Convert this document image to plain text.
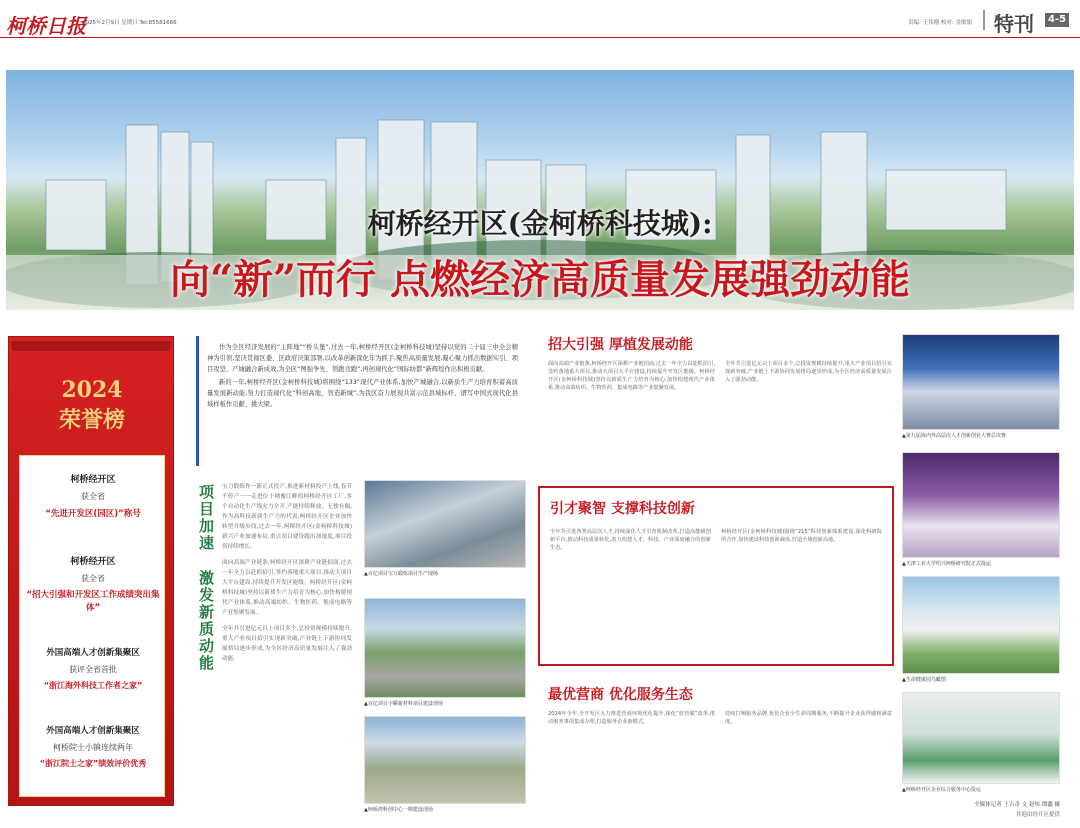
柯桥日报
2025年2月9日 星期日 Tel:85581666	责编: 王伟刚 校对: 金敏娟 特刊	4-5
柯桥经开区(金柯桥科技城):
向“新”而行 点燃经济高质量发展强劲动能
2024
荣誉榜
柯桥经开区
获全省
“先进开发区(园区)”称号
柯桥经开区
获全省
“招大引强和开发区工作成绩突出集体”
外国高端人才创新集聚区
获评全省首批
“浙江海外科技工作者之家”
外国高端人才创新集聚区
柯桥院士小镇连续两年
“浙江院士之家”绩效评价优秀

作为全区经济发展的“主阵地”“桥头堡”,过去一年,柯桥经开区(金柯桥科技城)坚持以党的二十届三中全会精神为引领,坚决贯彻区委、区政府决策部署,以改革创新深化年为抓手,聚焦高质量发展,凝心聚力抓出数据实引、项目攻坚、产城融合新成效,为全区“图强争先、领跑竞跑”,再创现代化“国际纺都”新辉煌作出积极贡献。

新的一年,柯桥经开区(金柯桥科技城)将围绕“133”现代产业体系,加快产城融合,以新质生产力培育积蓄高质量发展新动能,努力打造现代化“科创高地、智造新城”,为我区奋力展现共富示范县域标杆、谱写中国式现代化县域样板作贡献、挑大梁。

项目加速
激发新质动能

宝刀锻炼作一新正式投产,推进新材料投产上线,春节不停产一一走进位于纳豫江畔的柯桥经开区工厂,多个自动化生产线火力全开,产能持续释放。无独有偶,作为高科技新质生产力的代表,柯桥经开区企业加快转型升级步伐,过去一年,柯桥经开区(金柯桥科技城)新兴产业加速布局,重点项目建设跑出加速度,项目投资持续增长。

面向高端产业链条,柯桥经开区深耕产业链招商,过去一年全力以赴抓招引,签约落地重大项目,推动大项目大平台建设,持续提升开发区能级。柯桥经开区(金柯桥科技城)坚持以新质生产力培育为核心,加快构建现代产业体系,推动高端纺织、生物医药、集成电路等产业集聚发展。

全年共引进亿元以上项目多个,总投资规模持续提升,重大产业项目招引实现新突破,产业链上下游协同发展格局逐步形成,为全区经济高质量发展注入了强劲动能。

▲百亿项目宝万锻炼项目生产现场
▲百亿项目宇瞬新材料项目建设现场
▲柯桥湾科创中心一期建设现场
招大引强 厚植发展动能

面向高端产业链条,柯桥经开区深耕产业链招商,过去一年全力以赴抓招引,签约落地重大项目,推动大项目大平台建设,持续提升开发区能级。柯桥经开区(金柯桥科技城)坚持以新质生产力培育为核心,加快构建现代产业体系,推动高端纺织、生物医药、集成电路等产业集聚发展。

全年共引进亿元以上项目多个,总投资规模持续提升,重大产业项目招引实现新突破,产业链上下游协同发展格局逐步形成,为全区经济高质量发展注入了强劲动能。

引才聚智 支撑科技创新

全年共引进各类高层次人才,持续深化人才引育机制改革,打造高能级创新平台,推动科技成果转化,着力构建人才、科技、产业深度融合的创新生态。

柯桥经开区(金柯桥科技城)围绕“215”科技创新体系建设,深化科研院所合作,加快建设科技创新载体,打造全域创新高地。

最优营商 优化服务生态

2024年全年,全开发区大力推进营商环境优化提升,深化“放管服”改革,推动服务事项集成办理,打造服务企业新模式。

持续打响服务品牌,优化企业全生命周期服务,不断提升企业获得感和满意度。

▲第九届海内外高层次人才创新创业大赛总决赛
▲天津工业大学绍兴柯桥研究院正式投运
▲生命健康园鸟瞰图
▲柯桥经开区企业综合服务中心投运
全媒体记者 王吉奇 文 赵炜 谭鑫 摄
其他由经开区提供
